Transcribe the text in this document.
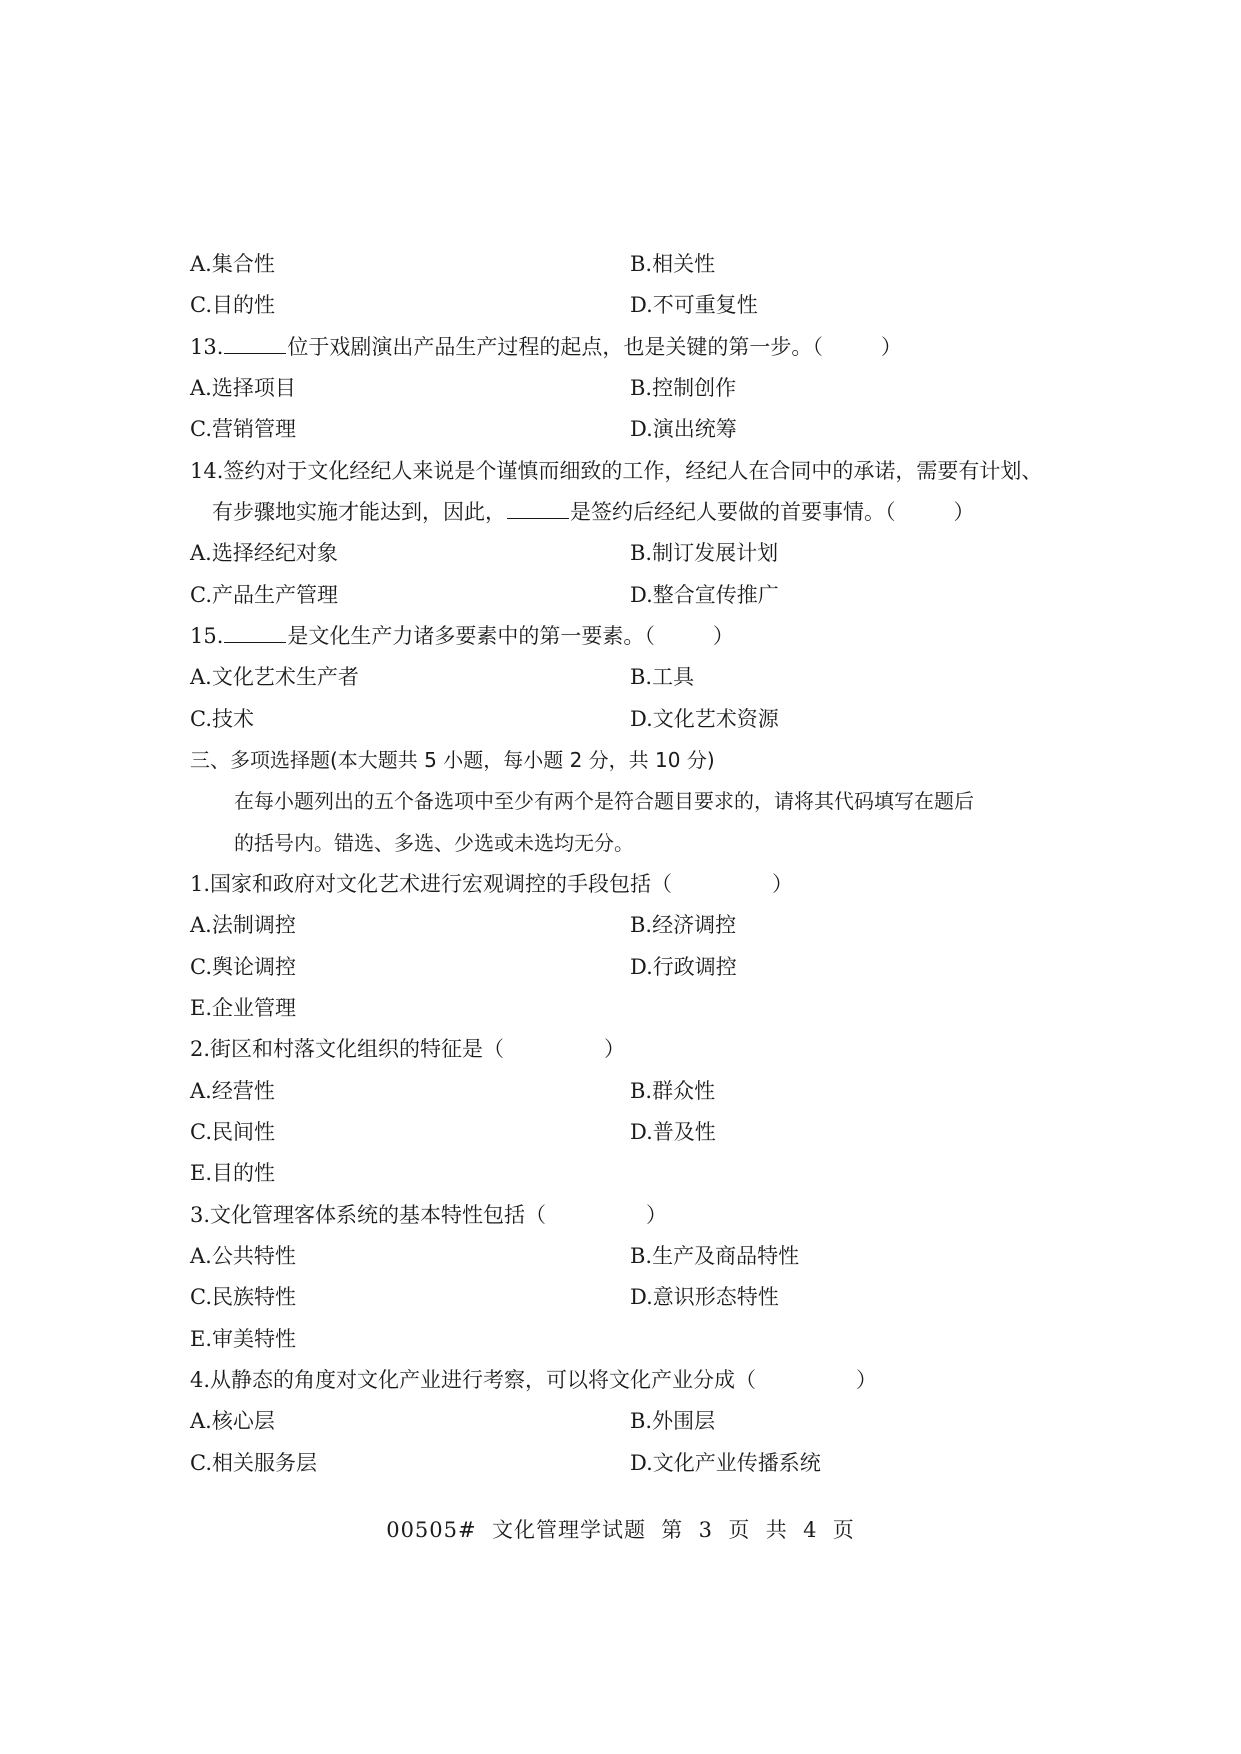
A.集合性	B.相关性
C.目的性	D.不可重复性
13.	位于戏剧演出产品生产过程的起点，也是关键的第一步。（	）
A.选择项目	B.控制创作
C.营销管理	D.演出统筹
14.签约对于文化经纪人来说是个谨慎而细致的工作，经纪人在合同中的承诺，需要有计划、
有步骤地实施才能达到，因此，	是签约后经纪人要做的首要事情。（	）
A.选择经纪对象	B.制订发展计划
C.产品生产管理	D.整合宣传推广
15.	是文化生产力诸多要素中的第一要素。（	）
A.文化艺术生产者	B.工具
C.技术	D.文化艺术资源
三、多项选择题(本大题共 5 小题，每小题 2 分，共 10 分)
在每小题列出的五个备选项中至少有两个是符合题目要求的，请将其代码填写在题后
的括号内。错选、多选、少选或未选均无分。
1.国家和政府对文化艺术进行宏观调控的手段包括（	）
A.法制调控	B.经济调控
C.舆论调控	D.行政调控
E.企业管理
2.街区和村落文化组织的特征是（	）
A.经营性	B.群众性
C.民间性	D.普及性
E.目的性
3.文化管理客体系统的基本特性包括（	）
A.公共特性	B.生产及商品特性
C.民族特性	D.意识形态特性
E.审美特性
4.从静态的角度对文化产业进行考察，可以将文化产业分成（	）
A.核心层	B.外围层
C.相关服务层	D.文化产业传播系统
00505#  文化管理学试题  第  3  页  共  4  页
